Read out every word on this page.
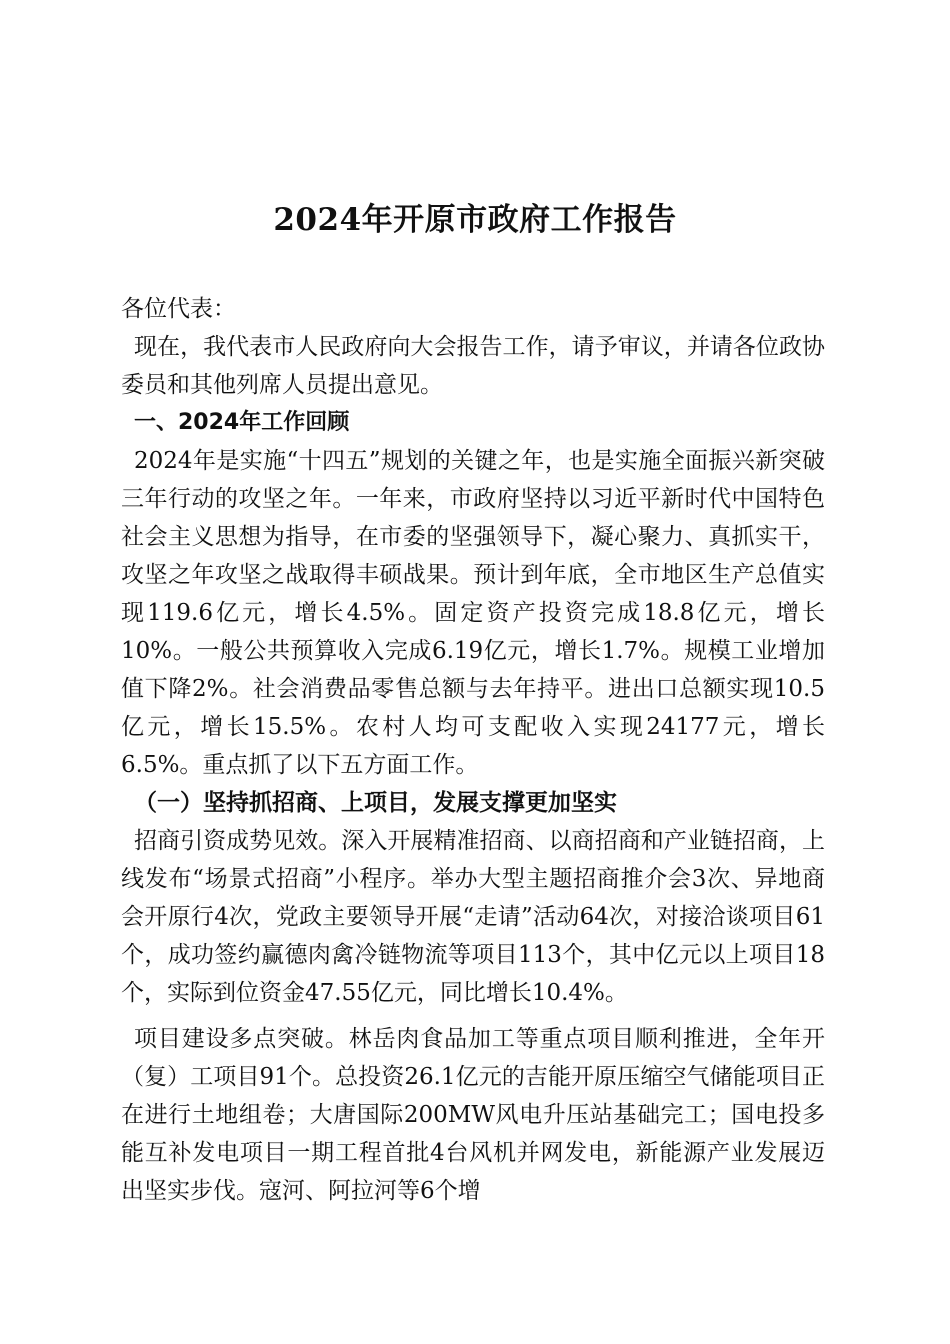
2024年开原市政府工作报告

各位代表：

现在，我代表市人民政府向大会报告工作，请予审议，并请各位政协委员和其他列席人员提出意见。

一、2024年工作回顾

2024年是实施“十四五”规划的关键之年，也是实施全面振兴新突破三年行动的攻坚之年。一年来，市政府坚持以习近平新时代中国特色社会主义思想为指导，在市委的坚强领导下，凝心聚力、真抓实干，攻坚之年攻坚之战取得丰硕战果。预计到年底，全市地区生产总值实现119.6亿元，增长4.5%。固定资产投资完成18.8亿元，增长10%。一般公共预算收入完成6.19亿元，增长1.7%。规模工业增加值下降2%。社会消费品零售总额与去年持平。进出口总额实现10.5亿元，增长15.5%。农村人均可支配收入实现24177元，增长6.5%。重点抓了以下五方面工作。

（一）坚持抓招商、上项目，发展支撑更加坚实

招商引资成势见效。深入开展精准招商、以商招商和产业链招商，上线发布“场景式招商”小程序。举办大型主题招商推介会3次、异地商会开原行4次，党政主要领导开展“走请”活动64次，对接洽谈项目61个，成功签约赢德肉禽冷链物流等项目113个，其中亿元以上项目18个，实际到位资金47.55亿元，同比增长10.4%。

项目建设多点突破。林岳肉食品加工等重点项目顺利推进，全年开（复）工项目91个。总投资26.1亿元的吉能开原压缩空气储能项目正在进行土地组卷；大唐国际200MW风电升压站基础完工；国电投多能互补发电项目一期工程首批4台风机并网发电，新能源产业发展迈出坚实步伐。寇河、阿拉河等6个增
